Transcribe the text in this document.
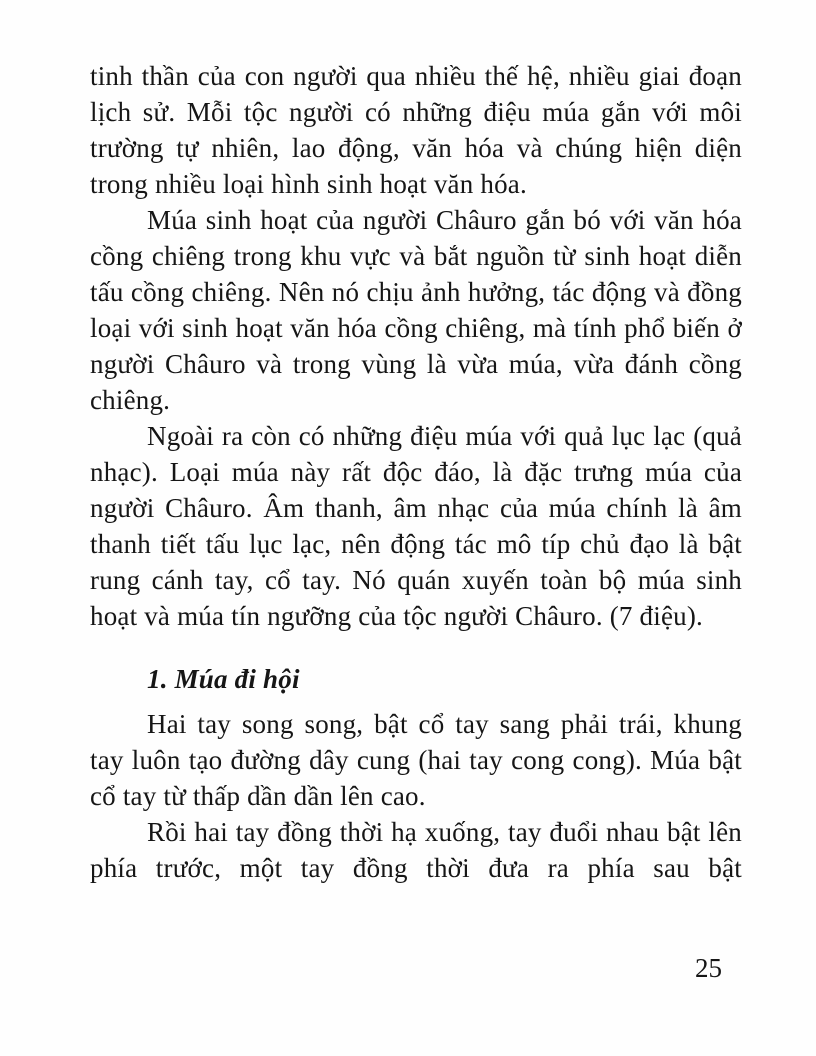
tinh thần của con người qua nhiều thế hệ, nhiều giai đoạn lịch sử. Mỗi tộc người có những điệu múa gắn với môi trường tự nhiên, lao động, văn hóa và chúng hiện diện trong nhiều loại hình sinh hoạt văn hóa.

Múa sinh hoạt của người Châuro gắn bó với văn hóa cồng chiêng trong khu vực và bắt nguồn từ sinh hoạt diễn tấu cồng chiêng. Nên nó chịu ảnh hưởng, tác động và đồng loại với sinh hoạt văn hóa cồng chiêng, mà tính phổ biến ở người Châuro và trong vùng là vừa múa, vừa đánh cồng chiêng.

Ngoài ra còn có những điệu múa với quả lục lạc (quả nhạc). Loại múa này rất độc đáo, là đặc trưng múa của người Châuro. Âm thanh, âm nhạc của múa chính là âm thanh tiết tấu lục lạc, nên động tác mô típ chủ đạo là bật rung cánh tay, cổ tay. Nó quán xuyến toàn bộ múa sinh hoạt và múa tín ngưỡng của tộc người Châuro. (7 điệu).

1. Múa đi hội

Hai tay song song, bật cổ tay sang phải trái, khung tay luôn tạo đường dây cung (hai tay cong cong). Múa bật cổ tay từ thấp dần dần lên cao.

Rồi hai tay đồng thời hạ xuống, tay đuổi nhau bật lên phía trước, một tay đồng thời đưa ra phía sau bật

25
